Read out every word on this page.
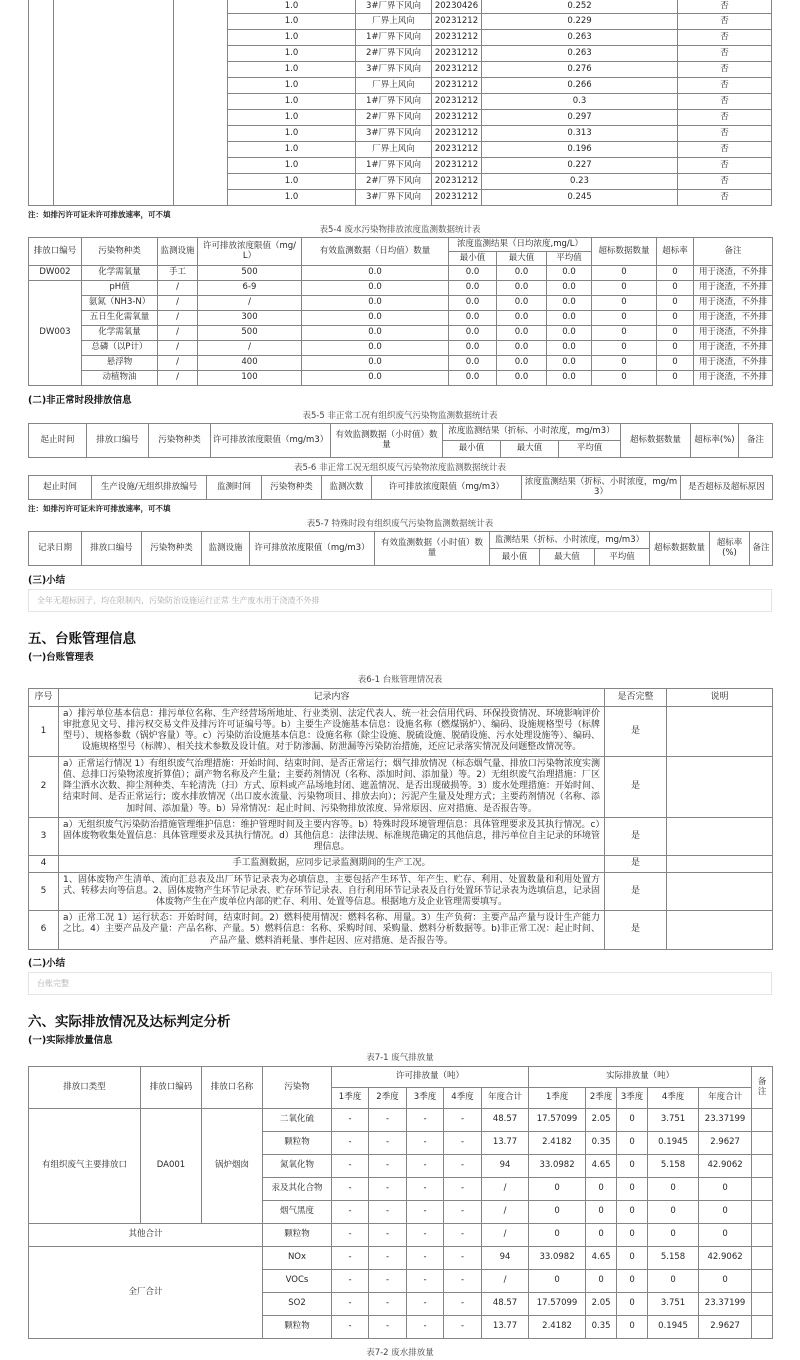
			1.0	3#厂界下风向	20230426	0.252	否
			1.0	厂界上风向	20231212	0.229	否
			1.0	1#厂界下风向	20231212	0.263	否
			1.0	2#厂界下风向	20231212	0.263	否
			1.0	3#厂界下风向	20231212	0.276	否
			1.0	厂界上风向	20231212	0.266	否
			1.0	1#厂界下风向	20231212	0.3	否
			1.0	2#厂界下风向	20231212	0.297	否
			1.0	3#厂界下风向	20231212	0.313	否
			1.0	厂界上风向	20231212	0.196	否
			1.0	1#厂界下风向	20231212	0.227	否
			1.0	2#厂界下风向	20231212	0.23	否
			1.0	3#厂界下风向	20231212	0.245	否
注：如排污许可证未许可排放速率，可不填
表5-4 废水污染物排放浓度监测数据统计表
排放口编号	污染物种类	监测设施	许可排放浓度限值（mg/L）	有效监测数据（日均值）数量	浓度监测结果（日均浓度,mg/L）			超标数据数量	超标率	备注
					最小值	最大值	平均值			
DW002	化学需氧量	手工	500	0.0	0.0	0.0	0.0	0	0	用于浇渣，不外排
DW003	pH值	/	6-9	0.0	0.0	0.0	0.0	0	0	用于浇渣，不外排
	氨氮（NH3-N）	/	/	0.0	0.0	0.0	0.0	0	0	用于浇渣，不外排
	五日生化需氧量	/	300	0.0	0.0	0.0	0.0	0	0	用于浇渣，不外排
	化学需氧量	/	500	0.0	0.0	0.0	0.0	0	0	用于浇渣，不外排
	总磷（以P计）	/	/	0.0	0.0	0.0	0.0	0	0	用于浇渣，不外排
	悬浮物	/	400	0.0	0.0	0.0	0.0	0	0	用于浇渣，不外排
	动植物油	/	100	0.0	0.0	0.0	0.0	0	0	用于浇渣，不外排
(二)非正常时段排放信息
表5-5 非正常工况有组织废气污染物监测数据统计表
起止时间	排放口编号	污染物种类	许可排放浓度限值（mg/m3）	有效监测数据（小时值）数量	浓度监测结果（折标、小时浓度，mg/m3）			超标数据数量	超标率(%)	备注
					最小值	最大值	平均值			
表5-6 非正常工况无组织废气污染物浓度监测数据统计表
起止时间	生产设施/无组织排放编号	监测时间	污染物种类	监测次数	许可排放浓度限值（mg/m3）	浓度监测结果（折标、小时浓度，mg/m3）	是否超标及超标原因
注：如排污许可证未许可排放速率，可不填
表5-7 特殊时段有组织废气污染物监测数据统计表
记录日期	排放口编号	污染物种类	监测设施	许可排放浓度限值（mg/m3）	有效监测数据（小时值）数量	监测结果（折标、小时浓度，mg/m3）			超标数据数量	超标率(%)	备注
						最小值	最大值	平均值			
(三)小结
全年无超标因子，均在限制内，污染防治设施运行正常 生产废水用于浇渣不外排
五、台账管理信息
(一)台账管理表
表6-1 台账管理情况表
序号	记录内容	是否完整	说明
1	a）排污单位基本信息：排污单位名称、生产经营场所地址、行业类别、法定代表人、统一社会信用代码、环保投资情况、环境影响评价审批意见文号、排污权交易文件及排污许可证编号等。b）主要生产设施基本信息：设施名称（燃煤锅炉）、编码、设施规格型号（标牌型号）、规格参数（锅炉容量）等。c）污染防治设施基本信息：设施名称（除尘设施、脱硫设施、脱硝设施、污水处理设施等）、编码、设施规格型号（标牌）、相关技术参数及设计值。对于防渗漏、防泄漏等污染防治措施，还应记录落实情况及问题整改情况等。	是	
2	a）正常运行情况 1）有组织废气治理措施：开始时间、结束时间、是否正常运行；烟气排放情况（标态烟气量、排放口污染物浓度实测值、总排口污染物浓度折算值）；副产物名称及产生量；主要药剂情况（名称、添加时间、添加量）等。2）无组织废气治理措施：厂区降尘洒水次数、抑尘剂种类、车轮清洗（扫）方式、原料或产品场地封闭、遮盖情况、是否出现破损等。3）废水处理措施：开始时间、结束时间、是否正常运行；废水排放情况（出口废水流量、污染物项目、排放去向）；污泥产生量及处理方式；主要药剂情况（名称、添加时间、添加量）等。b）异常情况：起止时间、污染物排放浓度、异常原因、应对措施、是否报告等。	是	
3	a）无组织废气污染防治措施管理维护信息：维护管理时间及主要内容等。b）特殊时段环境管理信息：具体管理要求及其执行情况。c）固体废物收集处置信息：具体管理要求及其执行情况。d）其他信息：法律法规、标准规范确定的其他信息，排污单位自主记录的环境管理信息。	是	
4	手工监测数据，应同步记录监测期间的生产工况。	是	
5	1、固体废物产生清单、流向汇总表及出厂环节记录表为必填信息，主要包括产生环节、年产生、贮存、利用、处置数量和利用处置方式、转移去向等信息。2、固体废物产生环节记录表、贮存环节记录表、自行利用环节记录表及自行处置环节记录表为选填信息，记录固体废物产生在产废单位内部的贮存、利用、处置等信息。根据地方及企业管理需要填写。	是	
6	a）正常工况 1）运行状态：开始时间，结束时间。2）燃料使用情况：燃料名称、用量。3）生产负荷：主要产品产量与设计生产能力之比。4）主要产品及产量：产品名称、产量。5）燃料信息：名称、采购时间、采购量、燃料分析数据等。b)非正常工况：起止时间、产品产量、燃料消耗量、事件起因、应对措施、是否报告等。	是	
(二)小结
台账完整
六、实际排放情况及达标判定分析
(一)实际排放量信息
表7-1 废气排放量
排放口类型	排放口编码	排放口名称	污染物	许可排放量（吨）					实际排放量（吨）					备注
				1季度	2季度	3季度	4季度	年度合计	1季度	2季度	3季度	4季度	年度合计	
有组织废气主要排放口	DA001	锅炉烟囱	二氧化硫	-	-	-	-	48.57	17.57099	2.05	0	3.751	23.37199	
			颗粒物	-	-	-	-	13.77	2.4182	0.35	0	0.1945	2.9627	
			氮氧化物	-	-	-	-	94	33.0982	4.65	0	5.158	42.9062	
			汞及其化合物	-	-	-	-	/	0	0	0	0	0	
			烟气黑度	-	-	-	-	/	0	0	0	0	0	
其他合计			颗粒物	-	-	-	-	/	0	0	0	0	0	
全厂合计			NOx	-	-	-	-	94	33.0982	4.65	0	5.158	42.9062	
			VOCs	-	-	-	-	/	0	0	0	0	0	
			SO2	-	-	-	-	48.57	17.57099	2.05	0	3.751	23.37199	
			颗粒物	-	-	-	-	13.77	2.4182	0.35	0	0.1945	2.9627	
表7-2 废水排放量
